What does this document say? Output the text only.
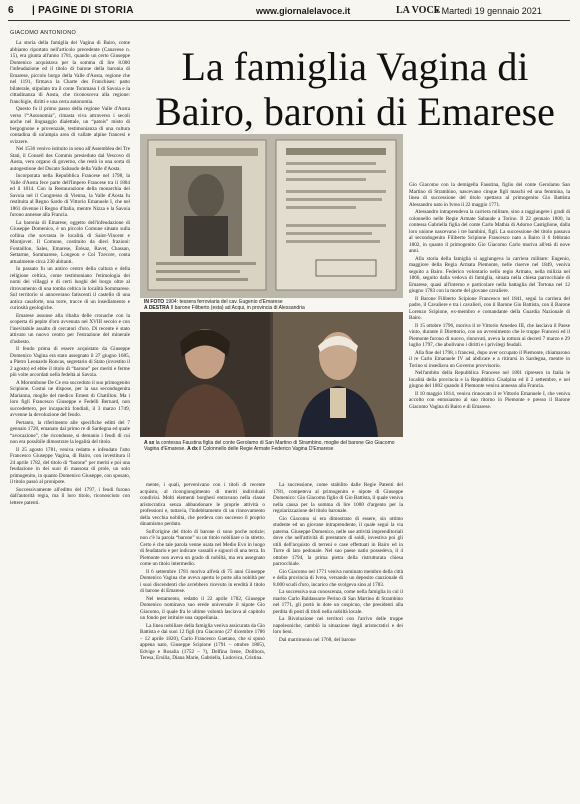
6 | PAGINE DI STORIA	www.giornalelavoce.it	LA VOCE
• Martedì 19 gennaio 2021
GIACOMO ANTONIONO
La famiglia Vagina di Bairo, baroni di Emarese

La storia della famiglia dei Vagina di Bairo, come abbiamo riportato nell'articolo precedente (Canavese n. 15), era giunta all'anno 1781, quando un certo Giuseppe Domenico acquistava per la somma di lire 8.000 l'infeudazione ed il titolo di barone della baronia di Emarese, piccolo borgo della Valle d'Aosta, regione che nel 1191, firmava la Charte des Franchises: patto bilaterale, stipulato tra il conte Tommaso I di Savoia e la cittadinanza di Aosta, che riconosceva alla regione: franchigie, diritti e una certa autonomia.

Questo fu il primo passo della regione Valle d'Aosta verso l'“Autonomia”, rimasta viva attraverso i secoli anche nel linguaggio dialettale, un “patois” misto di bergognone e provenzale, testimonianza di una cultura contadina di un'ampia area di vallate alpine francesi e svizzere.

Nel 1536 venivo istituito in seno all'Assemblea dei Tre Stati, il Conseil des Commis presieduto dal Vescovo di Aosta, vero organo di governo, che restò in una sorta di autogestione del Ducato Sabaudo della Valle d'Aosta.

Incorporata nella Repubblica Francese nel 1798, la Valle d'Aosta fece parte dell'Impero Francese tra il 1804 ed il 1814. Con la Restaurazione della monarchia dei Savoia nel il Congresso di Vienna, la Valle d'Aosta fu restituita al Regno Sardo di Vittorio Emanuele I, che nel 1861 divenne il Regno d'Italia, mentre Nizza e la Savoia furono annesse alla Francia.

La baronia di Emarese, oggetto dell'infeudazione di Giuseppe Domenico, è un piccolo Comune situato sulla collina che sovrasta le località di Saint-Vincent e Montjovet. Il Comune, costituito da dieci frazioni: Fontaillon, Sales, Emarese, Érésaz, Ravet, Chassan, Settarme, Sommarese, Longeon e Col Tzecore, conta attualmente circa 230 abitanti.

In passato fu un antico centro della cultura e della religione celtica, come testimoniano l'etimologia dei nomi dei villaggi e di certi luoghi del borgo oltre al ritrovamento di una tomba celtica in località Sommarese. Sul territorio si annoverano fatiscenti il castello di una antica casaforte, una torre, tracce di un insediamento e curiosità geologiche.

Emarese assunse alla ribalta delle cronache con la scoperta di pepite d'oro avvenuta nel XVIII secolo e con l'inevitabile assalto di cercatori d'oro. Di recente è stato attivato un nuovo centro per l'estrazione del minerale d'asbesto.

Il feudo prima di essere acquistato da Giuseppe Domenico Vagina era stato assegnato il 27 giugno 1685, a Pietro Leonardo Roncas, segretario di Stato (investito il 2 agosto) ed ebbe il titolo di “barone” per meriti e ferme più volte accordati nella fedeltà ai Savoia.

A Morombone De Ce era succeduto il suo primogenito Scipione. Costui ne dispose, per la sua secondogenita Marianna, moglie del medico Ernest di Chatillon. Ma i loro figli Francesco Giuseppe e Fedelli Bernard, non succedettero, per incapacità fondiali, il 3 marzo 1749, avvenne la devoluzione del feudo.

Pertanto, la riferimento alle specifiche editti del 7 gennaio 1720, emanato dal primo re di Sardegna ed quale “avocazione”, che ricondusse, si demanio i feudi di cui non era possibile dimostrare la legalità del titolo.

Il 25 agosto 1781, veniva redatto e infeudato l'atto Francesco Giuseppe Vagina, di Bairo, con investitura il 24 aprile 1782, del titolo di “barone” per meriti e poi una feudazione in dei suoi di massosa di prole, un solo primogenito, in quanto Domenico Giuseppe, con sposato, il titolo passò al pronipote.

Successivamente all'editto del 1797, i feudi furono dall'autorità regia, ma il loro titolo, riconosciuto con lettere patenti.

IN FOTO 1904: tessera ferroviaria del cav. Eugenio d'Emarese
A DESTRA Il barone Filiberto (esta) ad Acqui, in provincia di Alessandria
A sx la contessa Faustina figlia del conte Gerolamo di San Martino di Strambino, moglie del barone Gio Giacomo Vagina d'Emarese. A dx il Colonnello delle Regie Armate Federico Vagina D'Emarese

mente, i quali, pervenivano con i titoli di recente acquisto, al ricongiungimento di meriti individuali condivisi. Molti elementi borghesi entravano nella classe aristocratica senza abbandonare le proprie attività o professioni e, tuttavia, l'indebitamento di un rinnovamento della vecchia nobiltà, che perdeva con successo il proprio dinamismo perduto.

Sull'origine del titolo di barone ci sono poche notizie; non c'è la parola “barone” su un titolo nobiliare o in stretto. Certo è che tale parola venne usata nel Medio Evo in luogo di feudatario e per indicare vassalli e signori di una terra. In Piemonte non aveva un grado di nobiltà, ma era assegnato come un titolo intermedio.

Il 6 settembre 1781 moriva all'età di 75 anni Giuseppe Domenico Vagina che aveva aperto le porte alla nobiltà per i suoi discendenti che avrebbero ricevuto in eredità il titolo di barone di Emarese.

Nel testamento, redatto il 22 aprile 1782, Giuseppe Domenico nominava suo erede universale il nipote Gio Giacomo, il quale fra le ultime volontà lasciava al capitolo un fondo per istituire una cappellania.

La linea nobiliare della famiglia veniva assicurata da Gio Battista e dai suoi 12 figli (tra Giacomo (27 dicembre 1786 – 12 aprile 1820), Carlo Francesco Gaetano, che si sposò appena nato, Giuseppe Scipione (1791 – ottobre 1805), Edvige e Rosalia (1752 – ?), Delfina Irene, Dolibora, Teresa, Ersilia, Diana Marie, Gabriella, Ludovica, Cristina.

La successione, come stabilito dalle Regie Patenti del 1781, competeva al primogenito e nipote di Giuseppe Domenico: Gio Giacomo figlio di Gio Battista, il quale veniva nella causa per la somma di lire 1000 d'argento per la regolarizzazione del titolo baronale.

Gio Giacomo si era dimostrato di essere, sin ottimo studente ed un giovane intraprendente, il quale seguì la via paterna. Giuseppe Domenico, nelle sue attività imprenditoriali dove che nell'attività di prestatore di soldi, investiva poi gli utili dell'acquisto di terreni e case effettuati in Bairo ed in Torre di lato pedonale. Nel suo paese natìo possedeva, il 4 ottobre 1794, la prima pietra della ristrutturata chiesa parrocchiale.

Gio Giacomo nel 1771 veniva nominato membro della città e della provincia di Ivrea, versando un deposito cauzionale di 8.000 scudi d'oro, incarico che svolgeva sino al 1783.

La successiva sua conoscenza, come nella famiglia in cui il marito Carlo Baldassarre Perino di San Martino di Strambino nel 1771, gli portò in dote un cospicuo, che presidenti alla perdita di posti di titoli nella nobiltà locale.

La Rivoluzione nei territori con l'arrivo delle truppe napoleoniche, cambiò la situazione degli aristocratici e dei loro beni.

Dal matrimonio nel 1768, del barone

Gio Giacomo con la demigella Faustina, figlio del conte Gerolamo San Martino di Strambino, nascevano cinque figli maschi ed una femmina, la linea di successione del titolo spettava al primogenito Gio Battista Alessandro nato in Ivrea il 22 maggio 1771.

Alessandro intraprendeva la carriera militare, sino a raggiungere i gradi di colonnello nelle Regie Armate Sabaude a Torino. Il 22 gennaio 1800, la contessa Gabriella figlia del conte Carlo Mathia di Adorno Castiglione, dalla loro unione nascevano i tre bambini, figli. La successione del titolo passava al secondogenito Filiberto Scipione Francesco nato a Bairo il 6 febbraio 1802, in quanto il primogenito Gio Giacomo Carlo moriva all'età di nove anni.

Alla storia della famiglia si aggiungeva la carriera militare: Eugenio, maggiore della Regia Armata Piemonte, nelle riserve nel 1849, veniva seguito a Bairo. Federico volontario nello regio Armato, nella milizia nel 1866, seguito dalla vedova di famiglia, situata nella chiesa parrocchiale di Emarese, quasi all'interno e particolare nella battaglia del Tortona nel 12 giugno 1783 con la morte del giovane cavaliere.

Il Barone Filiberto Scipione Francesco nel 1841, seguì la carriera del padre, il Cavaliere e tra i cavalieri, con il Barone Gio Battista, con il Barone Lorenzo Scipione, ex-membro e comandante della Guardia Nazionale di Bairo.

Il 15 ottobre 1796, moriva il re Vittorio Amedeo III, che lasciava il Paese vinto, durante il Direttorio, con un avvenimento che le truppe Francesi ed il Piemonte furono di nuovo, rinnovati, aveva la rottura ai decreti 7 marzo e 29 luglio 1797, che abolivano i diritti e i privilegi feudali.

Alla fine del 1798, i francesi, dopo aver occupato il Piemonte, chiamarono il re Carlo Emanuele IV ad abdicare e a ritirarsi in Sardegna, mentre in Torino si insediava un Governo provvisorio.

Nell'ambito della Repubblica Francese nel 1801 ripresero in Italia le località della provincia e la Repubblica Cisalpina ed il 2 settembre, e nel giugno del 1802 quando il Piemonte veniva annesso alla Francia.

Il 10 maggio 1814, veniva rinnovato il re Vittorio Emanuele I, che veniva accolto con entusiasmo al suo ritorno in Piemonte e presso il Barone Giacomo Vagina di Bairo e di Emarese.
